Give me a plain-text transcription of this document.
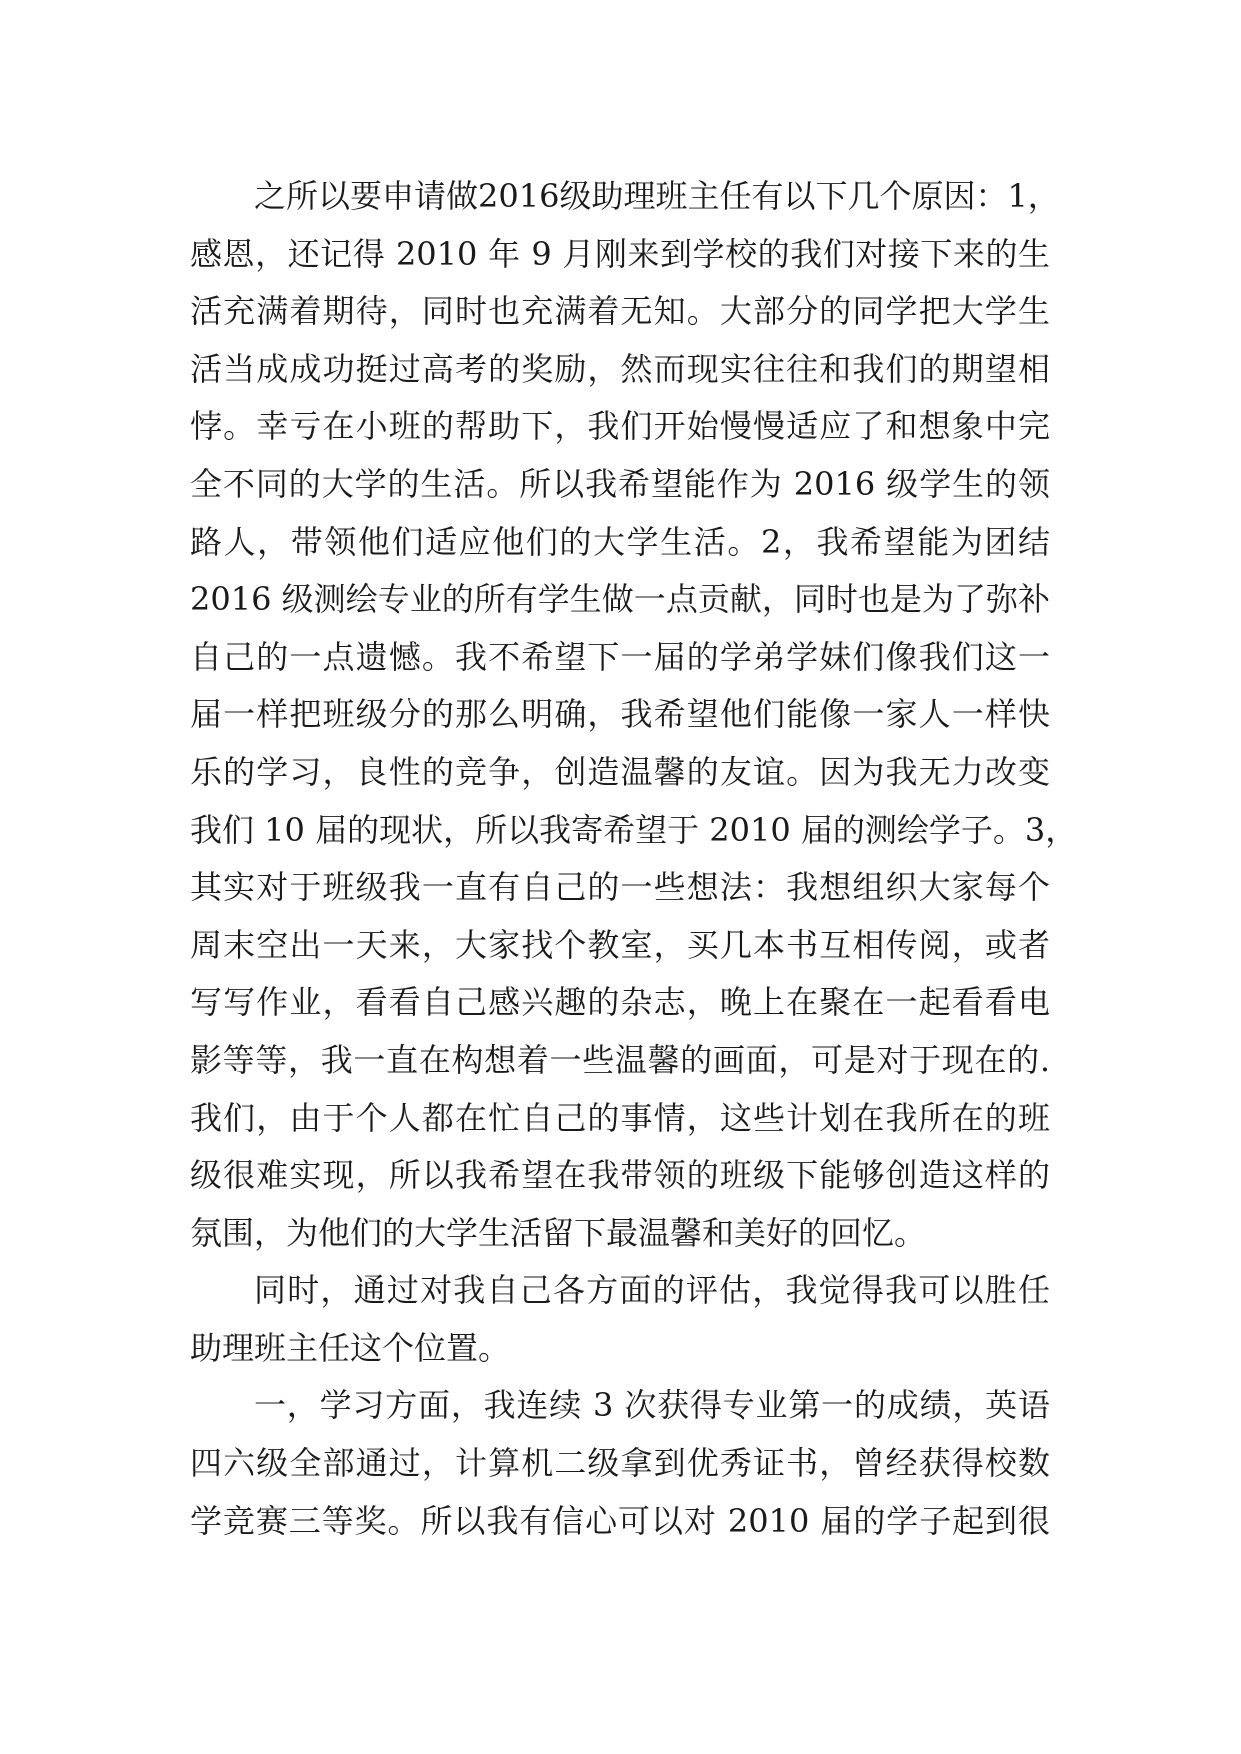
之所以要申请做2016级助理班主任有以下几个原因：1，
感恩，还记得 2010 年 9 月刚来到学校的我们对接下来的生
活充满着期待，同时也充满着无知。大部分的同学把大学生
活当成成功挺过高考的奖励，然而现实往往和我们的期望相
悖。幸亏在小班的帮助下，我们开始慢慢适应了和想象中完
全不同的大学的生活。所以我希望能作为 2016 级学生的领
路人，带领他们适应他们的大学生活。2，我希望能为团结
2016 级测绘专业的所有学生做一点贡献，同时也是为了弥补
自己的一点遗憾。我不希望下一届的学弟学妹们像我们这一
届一样把班级分的那么明确，我希望他们能像一家人一样快
乐的学习，良性的竞争，创造温馨的友谊。因为我无力改变
我们 10 届的现状，所以我寄希望于 2010 届的测绘学子。3，
其实对于班级我一直有自己的一些想法：我想组织大家每个
周末空出一天来，大家找个教室，买几本书互相传阅，或者
写写作业，看看自己感兴趣的杂志，晚上在聚在一起看看电
影等等，我一直在构想着一些温馨的画面，可是对于现在的.
我们，由于个人都在忙自己的事情，这些计划在我所在的班
级很难实现，所以我希望在我带领的班级下能够创造这样的
氛围，为他们的大学生活留下最温馨和美好的回忆。
同时，通过对我自己各方面的评估，我觉得我可以胜任
助理班主任这个位置。
一，学习方面，我连续 3 次获得专业第一的成绩，英语
四六级全部通过，计算机二级拿到优秀证书，曾经获得校数
学竞赛三等奖。所以我有信心可以对 2010 届的学子起到很
